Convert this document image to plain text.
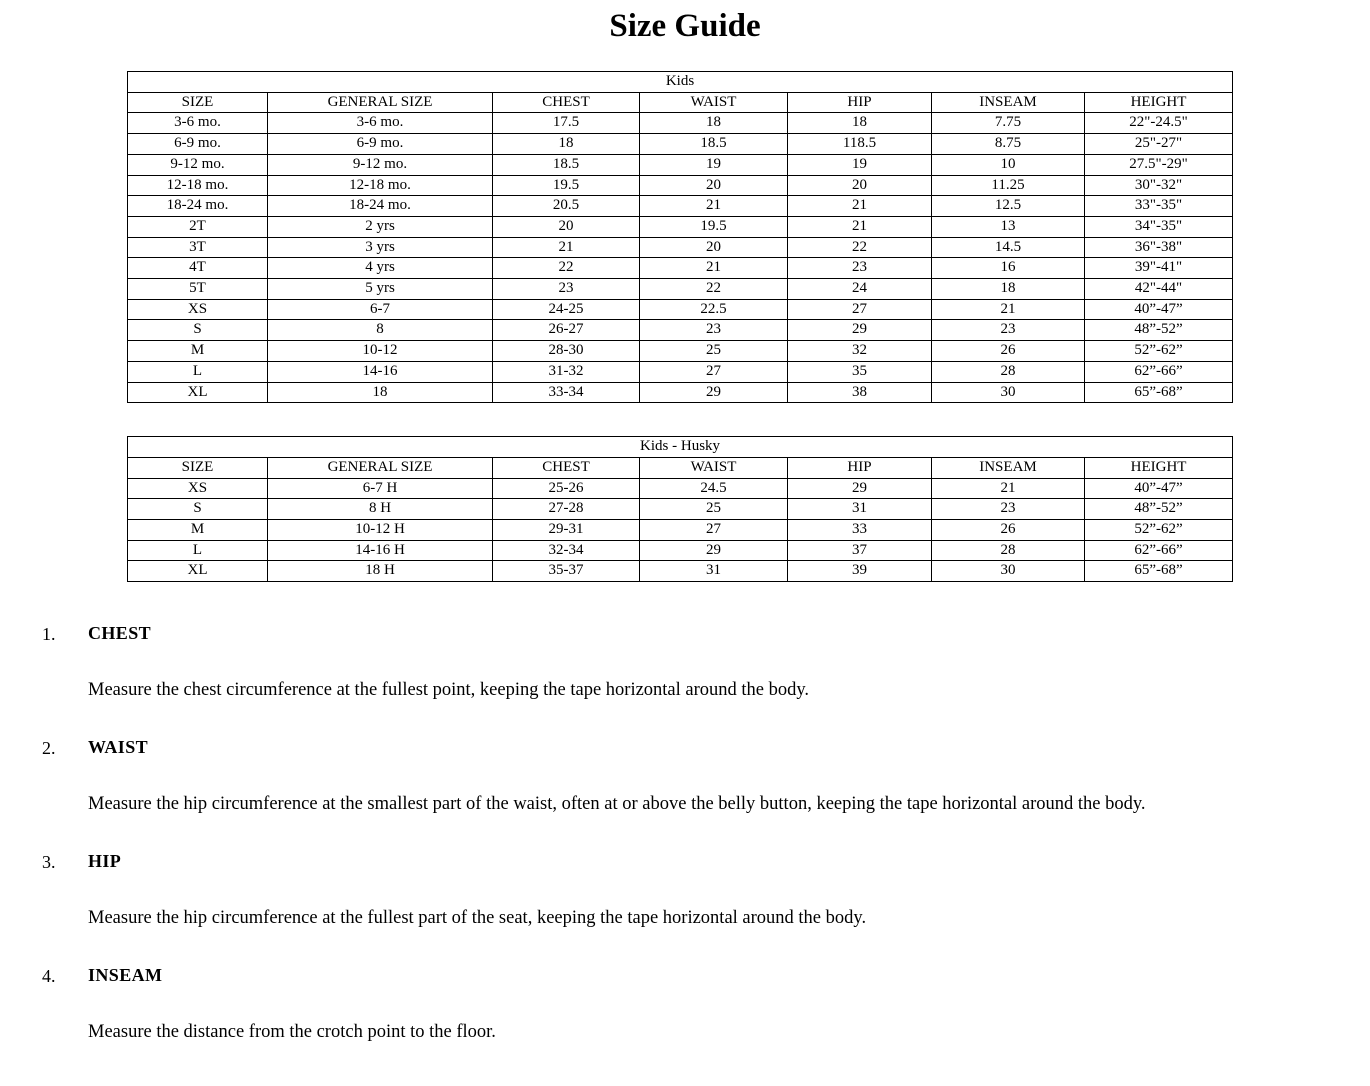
Size Guide
Kids						
SIZE	GENERAL SIZE	CHEST	WAIST	HIP	INSEAM	HEIGHT
3-6 mo.	3-6 mo.	17.5	18	18	7.75	22"-24.5"
6-9 mo.	6-9 mo.	18	18.5	118.5	8.75	25"-27"
9-12 mo.	9-12 mo.	18.5	19	19	10	27.5"-29"
12-18 mo.	12-18 mo.	19.5	20	20	11.25	30"-32"
18-24 mo.	18-24 mo.	20.5	21	21	12.5	33"-35"
2T	2 yrs	20	19.5	21	13	34"-35"
3T	3 yrs	21	20	22	14.5	36"-38"
4T	4 yrs	22	21	23	16	39"-41"
5T	5 yrs	23	22	24	18	42"-44"
XS	6-7	24-25	22.5	27	21	40”-47”
S	8	26-27	23	29	23	48”-52”
M	10-12	28-30	25	32	26	52”-62”
L	14-16	31-32	27	35	28	62”-66”
XL	18	33-34	29	38	30	65”-68”
Kids - Husky						
SIZE	GENERAL SIZE	CHEST	WAIST	HIP	INSEAM	HEIGHT
XS	6-7 H	25-26	24.5	29	21	40”-47”
S	8 H	27-28	25	31	23	48”-52”
M	10-12 H	29-31	27	33	26	52”-62”
L	14-16 H	32-34	29	37	28	62”-66”
XL	18 H	35-37	31	39	30	65”-68”
1. CHEST

Measure the chest circumference at the fullest point, keeping the tape horizontal around the body.

2. WAIST

Measure the hip circumference at the smallest part of the waist, often at or above the belly button, keeping the tape horizontal around the body.

3. HIP

Measure the hip circumference at the fullest part of the seat, keeping the tape horizontal around the body.

4. INSEAM

Measure the distance from the crotch point to the floor.
